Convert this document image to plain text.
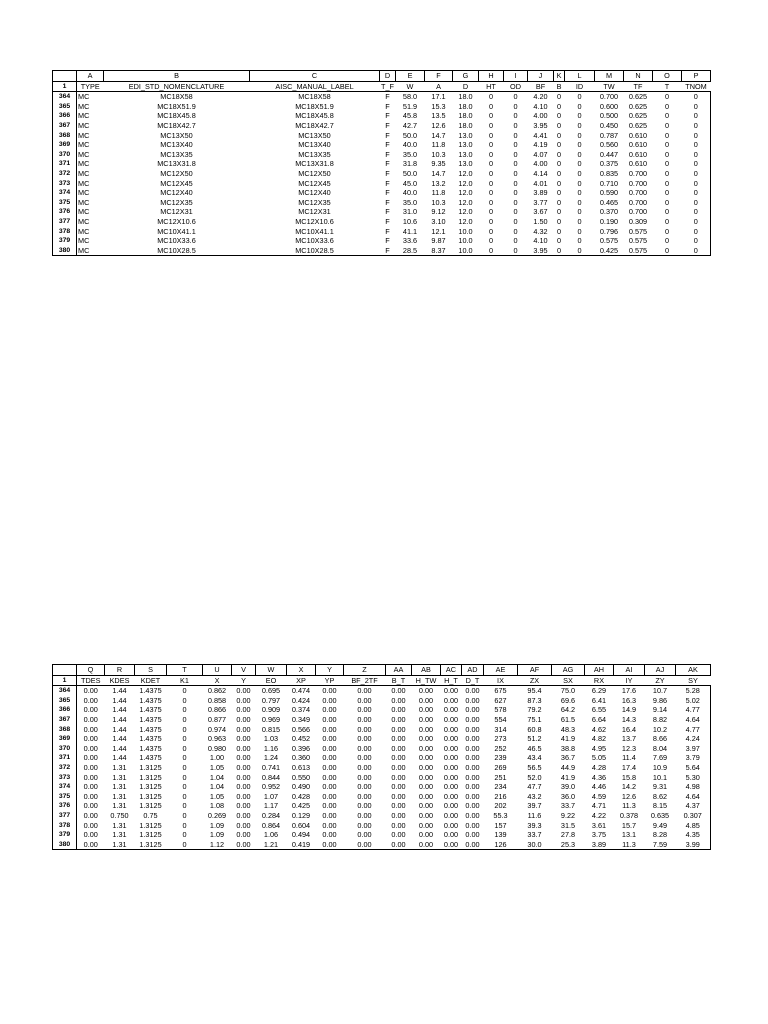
	A	B	C	D	E	F	G	H	I	J	K	L	M	N	O	P
1	TYPE	EDI_STD_NOMENCLATURE	AISC_MANUAL_LABEL	T_F	W	A	D	HT	OD	BF	B	ID	TW	TF	T	TNOM
364	MC	MC18X58	MC18X58	F	58.0	17.1	18.0	0	0	4.20	0	0	0.700	0.625	0	0
365	MC	MC18X51.9	MC18X51.9	F	51.9	15.3	18.0	0	0	4.10	0	0	0.600	0.625	0	0
366	MC	MC18X45.8	MC18X45.8	F	45.8	13.5	18.0	0	0	4.00	0	0	0.500	0.625	0	0
367	MC	MC18X42.7	MC18X42.7	F	42.7	12.6	18.0	0	0	3.95	0	0	0.450	0.625	0	0
368	MC	MC13X50	MC13X50	F	50.0	14.7	13.0	0	0	4.41	0	0	0.787	0.610	0	0
369	MC	MC13X40	MC13X40	F	40.0	11.8	13.0	0	0	4.19	0	0	0.560	0.610	0	0
370	MC	MC13X35	MC13X35	F	35.0	10.3	13.0	0	0	4.07	0	0	0.447	0.610	0	0
371	MC	MC13X31.8	MC13X31.8	F	31.8	9.35	13.0	0	0	4.00	0	0	0.375	0.610	0	0
372	MC	MC12X50	MC12X50	F	50.0	14.7	12.0	0	0	4.14	0	0	0.835	0.700	0	0
373	MC	MC12X45	MC12X45	F	45.0	13.2	12.0	0	0	4.01	0	0	0.710	0.700	0	0
374	MC	MC12X40	MC12X40	F	40.0	11.8	12.0	0	0	3.89	0	0	0.590	0.700	0	0
375	MC	MC12X35	MC12X35	F	35.0	10.3	12.0	0	0	3.77	0	0	0.465	0.700	0	0
376	MC	MC12X31	MC12X31	F	31.0	9.12	12.0	0	0	3.67	0	0	0.370	0.700	0	0
377	MC	MC12X10.6	MC12X10.6	F	10.6	3.10	12.0	0	0	1.50	0	0	0.190	0.309	0	0
378	MC	MC10X41.1	MC10X41.1	F	41.1	12.1	10.0	0	0	4.32	0	0	0.796	0.575	0	0
379	MC	MC10X33.6	MC10X33.6	F	33.6	9.87	10.0	0	0	4.10	0	0	0.575	0.575	0	0
380	MC	MC10X28.5	MC10X28.5	F	28.5	8.37	10.0	0	0	3.95	0	0	0.425	0.575	0	0
	Q	R	S	T	U	V	W	X	Y	Z	AA	AB	AC	AD	AE	AF	AG	AH	AI	AJ	AK
1	TDES	KDES	KDET	K1	X	Y	EO	XP	YP	BF_2TF	B_T	H_TW	H_T	D_T	IX	ZX	SX	RX	IY	ZY	SY
364	0.00	1.44	1.4375	0	0.862	0.00	0.695	0.474	0.00	0.00	0.00	0.00	0.00	0.00	675	95.4	75.0	6.29	17.6	10.7	5.28
365	0.00	1.44	1.4375	0	0.858	0.00	0.797	0.424	0.00	0.00	0.00	0.00	0.00	0.00	627	87.3	69.6	6.41	16.3	9.86	5.02
366	0.00	1.44	1.4375	0	0.866	0.00	0.909	0.374	0.00	0.00	0.00	0.00	0.00	0.00	578	79.2	64.2	6.55	14.9	9.14	4.77
367	0.00	1.44	1.4375	0	0.877	0.00	0.969	0.349	0.00	0.00	0.00	0.00	0.00	0.00	554	75.1	61.5	6.64	14.3	8.82	4.64
368	0.00	1.44	1.4375	0	0.974	0.00	0.815	0.566	0.00	0.00	0.00	0.00	0.00	0.00	314	60.8	48.3	4.62	16.4	10.2	4.77
369	0.00	1.44	1.4375	0	0.963	0.00	1.03	0.452	0.00	0.00	0.00	0.00	0.00	0.00	273	51.2	41.9	4.82	13.7	8.66	4.24
370	0.00	1.44	1.4375	0	0.980	0.00	1.16	0.396	0.00	0.00	0.00	0.00	0.00	0.00	252	46.5	38.8	4.95	12.3	8.04	3.97
371	0.00	1.44	1.4375	0	1.00	0.00	1.24	0.360	0.00	0.00	0.00	0.00	0.00	0.00	239	43.4	36.7	5.05	11.4	7.69	3.79
372	0.00	1.31	1.3125	0	1.05	0.00	0.741	0.613	0.00	0.00	0.00	0.00	0.00	0.00	269	56.5	44.9	4.28	17.4	10.9	5.64
373	0.00	1.31	1.3125	0	1.04	0.00	0.844	0.550	0.00	0.00	0.00	0.00	0.00	0.00	251	52.0	41.9	4.36	15.8	10.1	5.30
374	0.00	1.31	1.3125	0	1.04	0.00	0.952	0.490	0.00	0.00	0.00	0.00	0.00	0.00	234	47.7	39.0	4.46	14.2	9.31	4.98
375	0.00	1.31	1.3125	0	1.05	0.00	1.07	0.428	0.00	0.00	0.00	0.00	0.00	0.00	216	43.2	36.0	4.59	12.6	8.62	4.64
376	0.00	1.31	1.3125	0	1.08	0.00	1.17	0.425	0.00	0.00	0.00	0.00	0.00	0.00	202	39.7	33.7	4.71	11.3	8.15	4.37
377	0.00	0.750	0.75	0	0.269	0.00	0.284	0.129	0.00	0.00	0.00	0.00	0.00	0.00	55.3	11.6	9.22	4.22	0.378	0.635	0.307
378	0.00	1.31	1.3125	0	1.09	0.00	0.864	0.604	0.00	0.00	0.00	0.00	0.00	0.00	157	39.3	31.5	3.61	15.7	9.49	4.85
379	0.00	1.31	1.3125	0	1.09	0.00	1.06	0.494	0.00	0.00	0.00	0.00	0.00	0.00	139	33.7	27.8	3.75	13.1	8.28	4.35
380	0.00	1.31	1.3125	0	1.12	0.00	1.21	0.419	0.00	0.00	0.00	0.00	0.00	0.00	126	30.0	25.3	3.89	11.3	7.59	3.99
